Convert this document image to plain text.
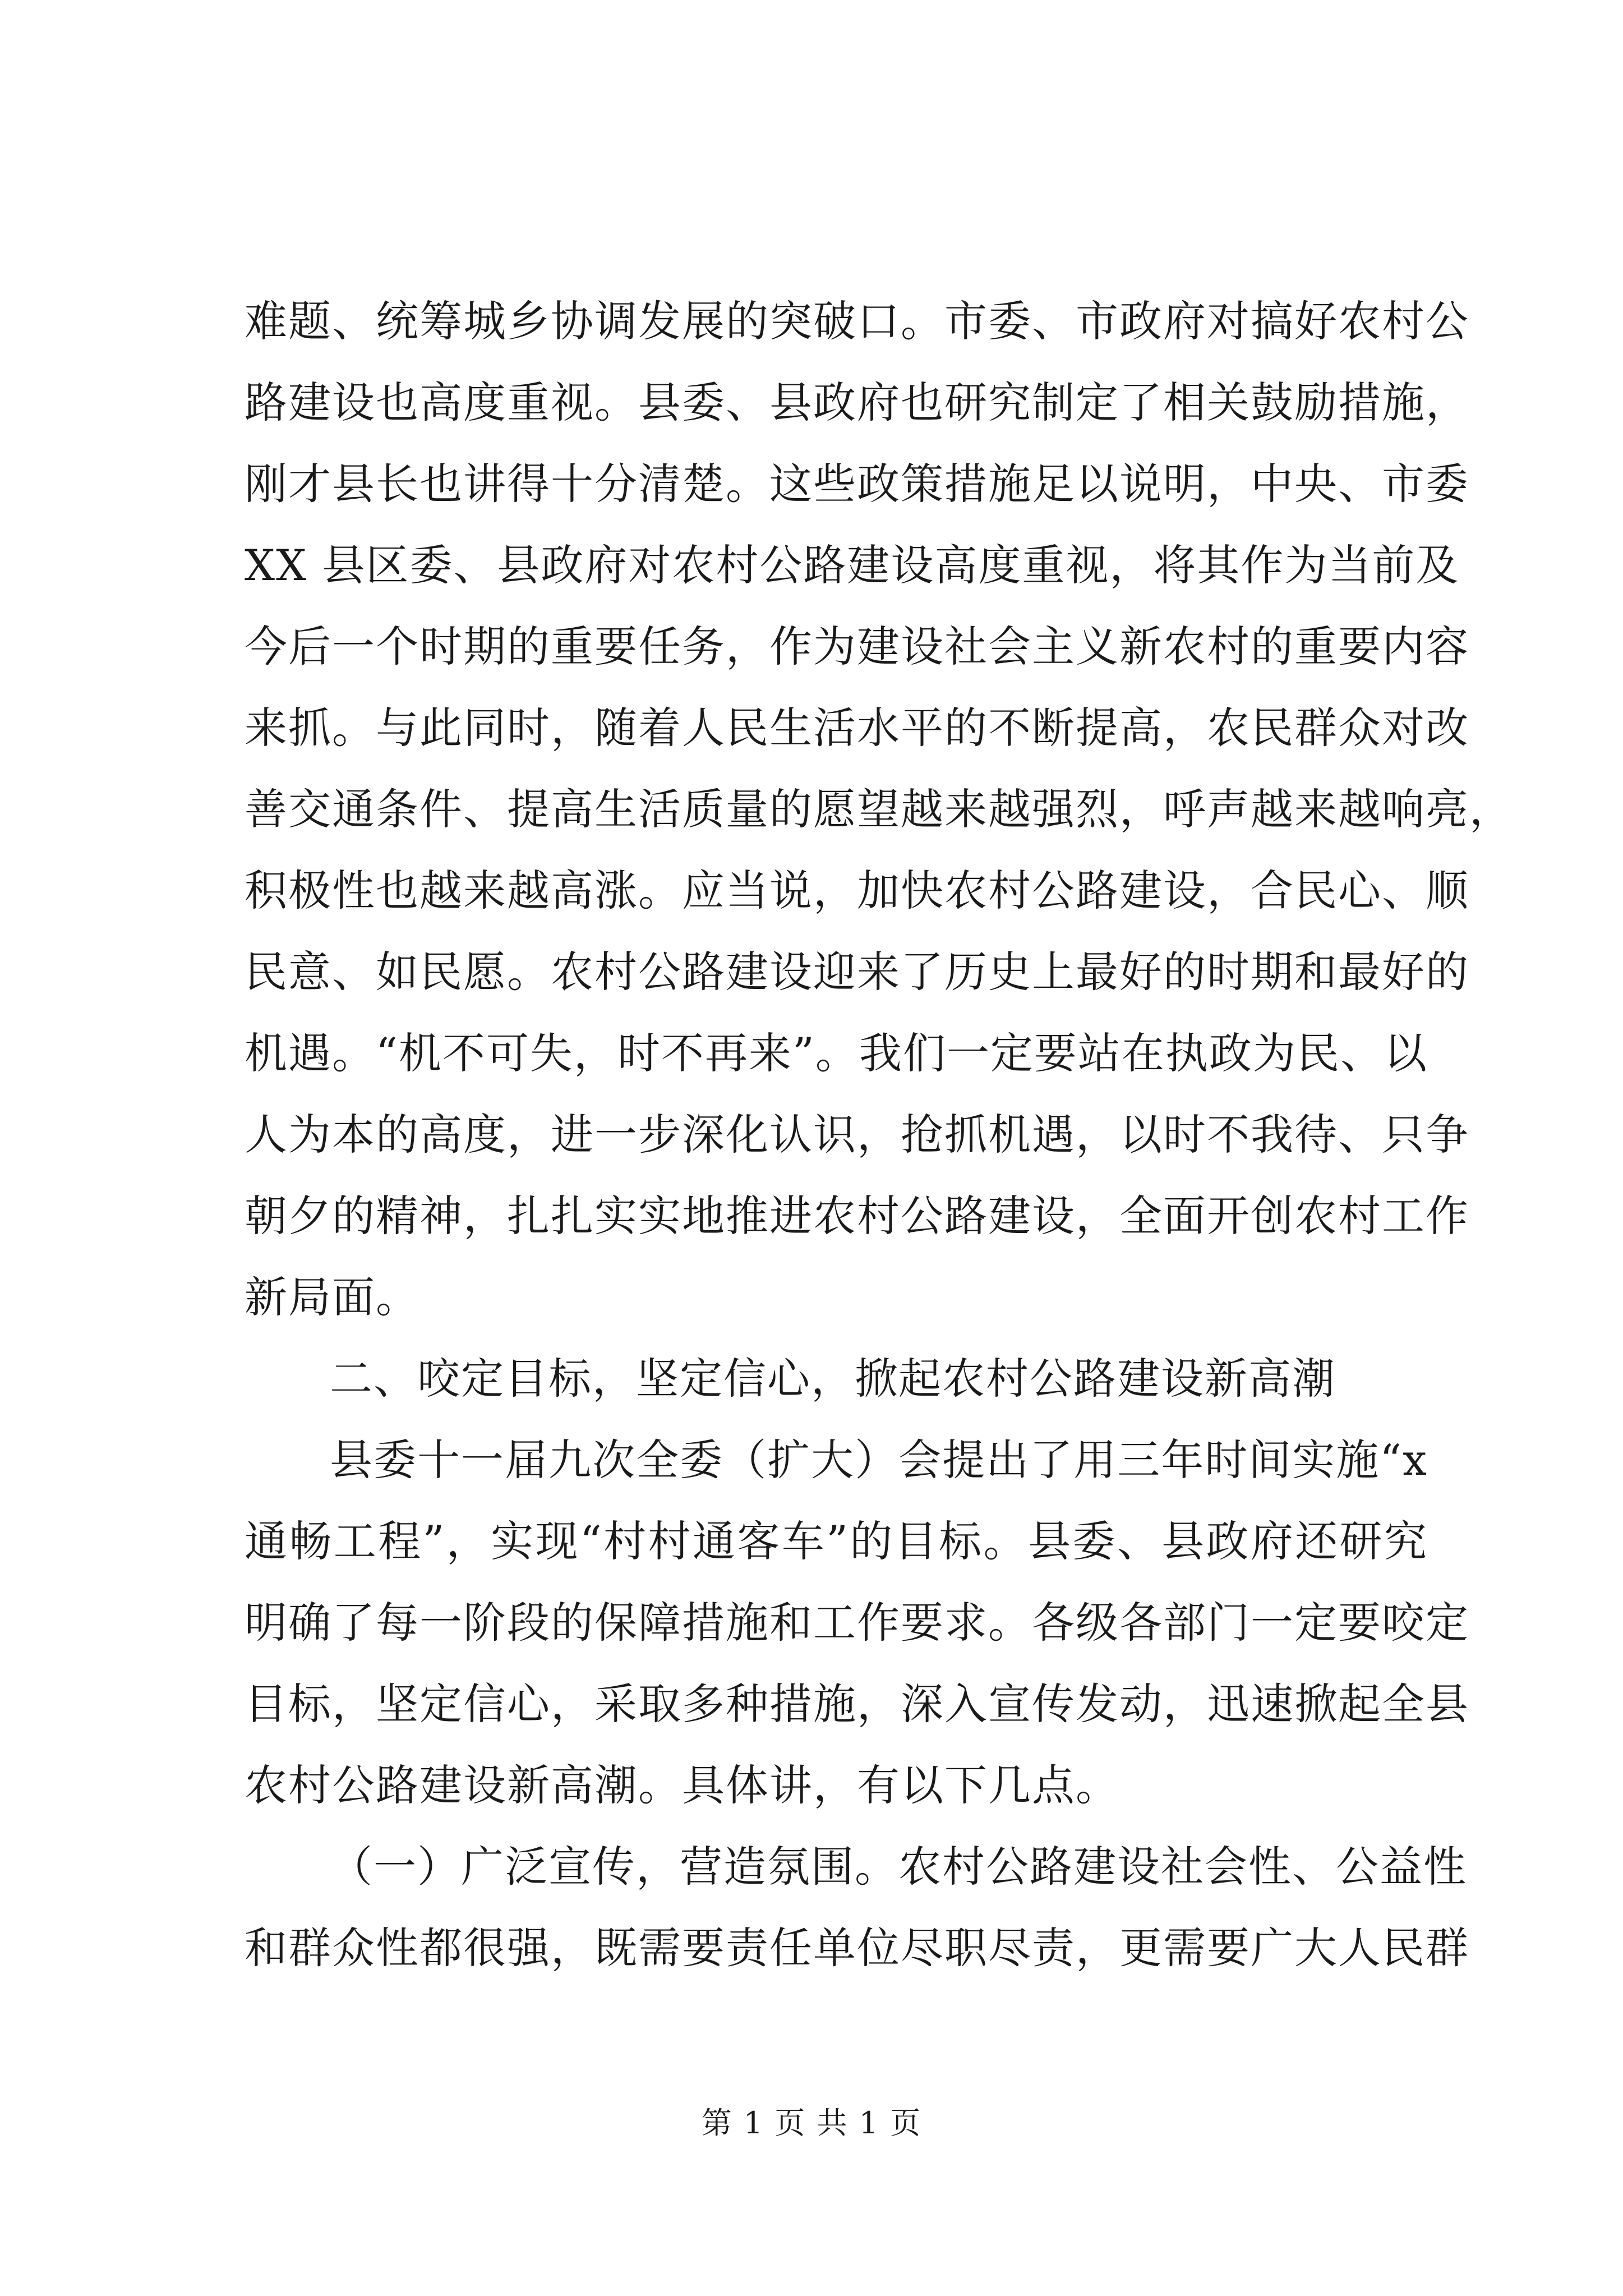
难题、统筹城乡协调发展的突破口。市委、市政府对搞好农村公
路建设也高度重视。县委、县政府也研究制定了相关鼓励措施，
刚才县长也讲得十分清楚。这些政策措施足以说明，中央、市委
XX 县区委、县政府对农村公路建设高度重视，将其作为当前及
今后一个时期的重要任务，作为建设社会主义新农村的重要内容
来抓。与此同时，随着人民生活水平的不断提高，农民群众对改
善交通条件、提高生活质量的愿望越来越强烈，呼声越来越响亮，
积极性也越来越高涨。应当说，加快农村公路建设，合民心、顺
民意、如民愿。农村公路建设迎来了历史上最好的时期和最好的
机遇。“机不可失，时不再来”。我们一定要站在执政为民、以
人为本的高度，进一步深化认识，抢抓机遇，以时不我待、只争
朝夕的精神，扎扎实实地推进农村公路建设，全面开创农村工作
新局面。
二、咬定目标，坚定信心，掀起农村公路建设新高潮
县委十一届九次全委（扩大）会提出了用三年时间实施“x
通畅工程”，实现“村村通客车”的目标。县委、县政府还研究
明确了每一阶段的保障措施和工作要求。各级各部门一定要咬定
目标，坚定信心，采取多种措施，深入宣传发动，迅速掀起全县
农村公路建设新高潮。具体讲，有以下几点。
（一）广泛宣传，营造氛围。农村公路建设社会性、公益性
和群众性都很强，既需要责任单位尽职尽责，更需要广大人民群
第 1 页 共 1 页
